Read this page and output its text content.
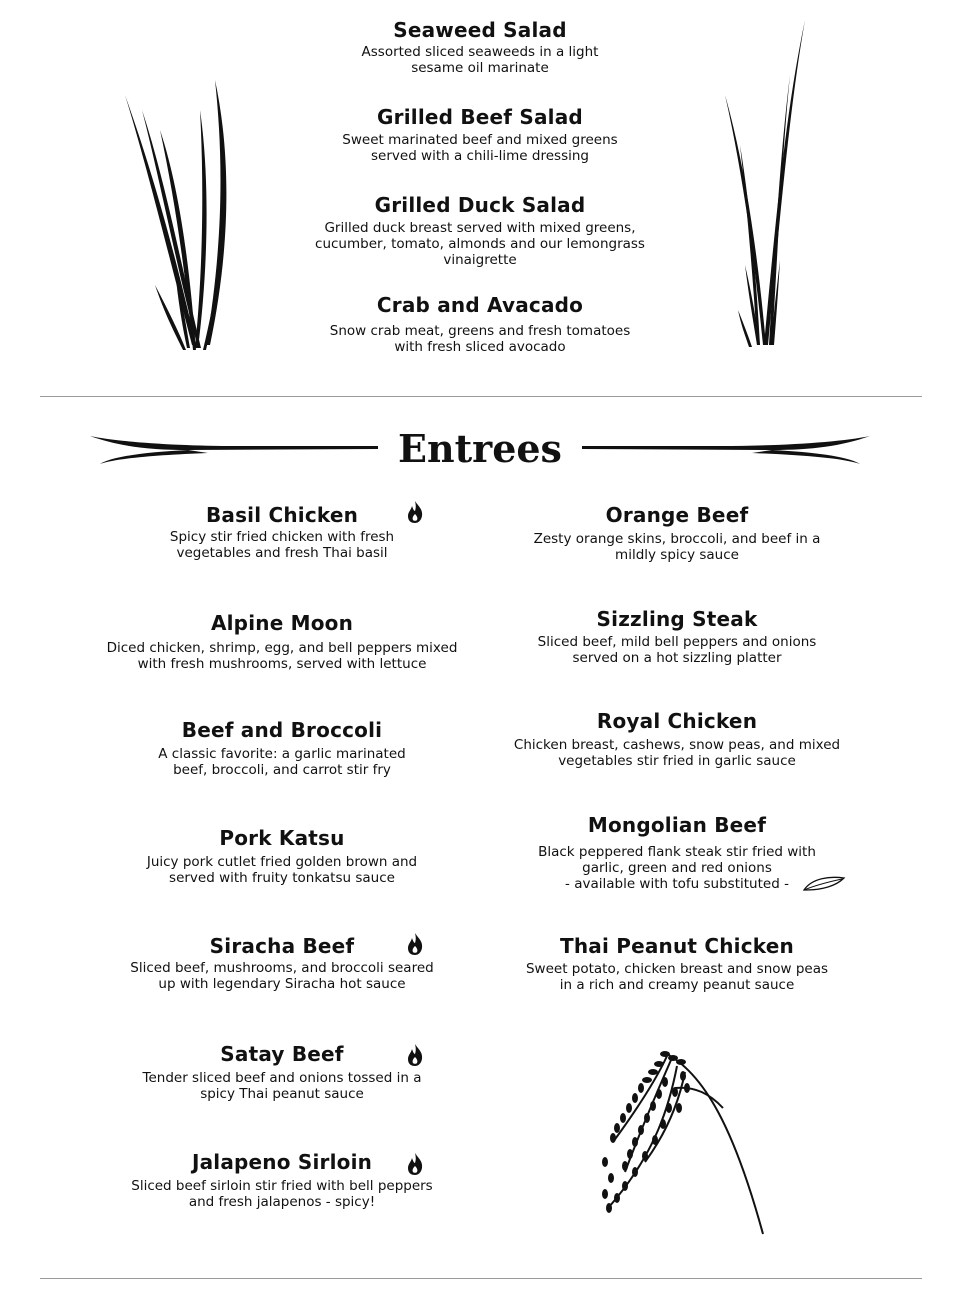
Seaweed Salad
Assorted sliced seaweeds in a light
sesame oil marinate
Grilled Beef Salad
Sweet marinated beef and mixed greens
served with a chili-lime dressing
Grilled Duck Salad
Grilled duck breast served with mixed greens,
cucumber, tomato, almonds and our lemongrass
vinaigrette
Crab and Avacado
Snow crab meat, greens and fresh tomatoes
with fresh sliced avocado
Entrees
Basil Chicken
Spicy stir fried chicken with fresh
vegetables and fresh Thai basil
Alpine Moon
Diced chicken, shrimp, egg, and bell peppers mixed
with fresh mushrooms, served with lettuce
Beef and Broccoli
A classic favorite: a garlic marinated
beef, broccoli, and carrot stir fry
Pork Katsu
Juicy pork cutlet fried golden brown and
served with fruity tonkatsu sauce
Siracha Beef
Sliced beef, mushrooms, and broccoli seared
up with legendary Siracha hot sauce
Satay Beef
Tender sliced beef and onions tossed in a
spicy Thai peanut sauce
Jalapeno Sirloin
Sliced beef sirloin stir fried with bell peppers
and fresh jalapenos - spicy!
Orange Beef
Zesty orange skins, broccoli, and beef in a
mildly spicy sauce
Sizzling Steak
Sliced beef, mild bell peppers and onions
served on a hot sizzling platter
Royal Chicken
Chicken breast, cashews, snow peas, and mixed
vegetables stir fried in garlic sauce
Mongolian Beef
Black peppered flank steak stir fried with
garlic, green and red onions
- available with tofu substituted -
Thai Peanut Chicken
Sweet potato, chicken breast and snow peas
in a rich and creamy peanut sauce
